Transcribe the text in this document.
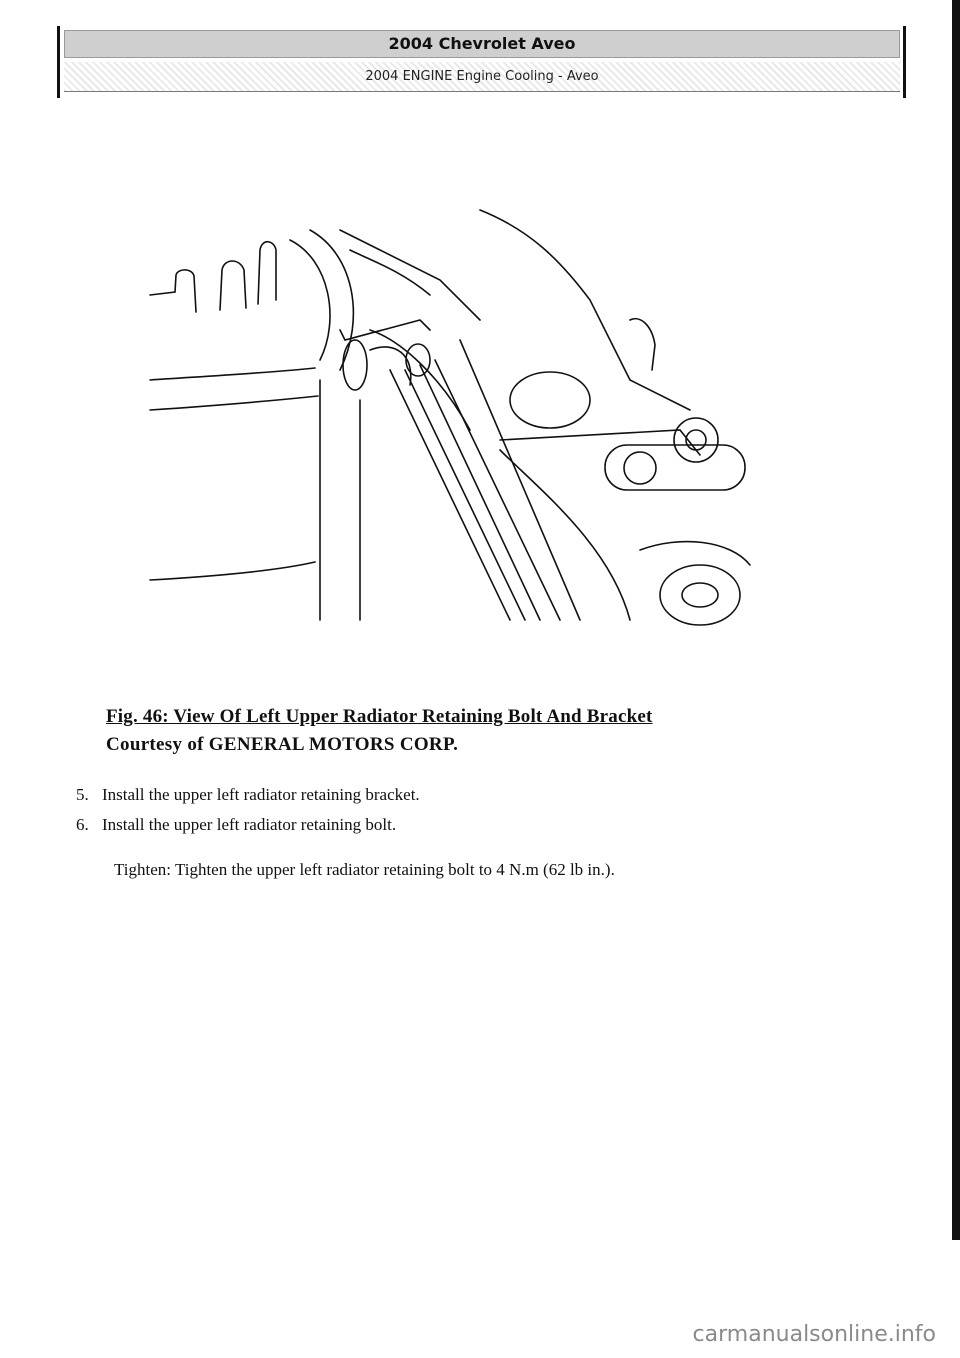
2004 Chevrolet Aveo
2004 ENGINE Engine Cooling - Aveo
Fig. 46: View Of Left Upper Radiator Retaining Bolt And Bracket
Courtesy of GENERAL MOTORS CORP.
5. Install the upper left radiator retaining bracket.
6. Install the upper left radiator retaining bolt.
Tighten: Tighten the upper left radiator retaining bolt to 4 N.m (62 lb in.).
carmanualsonline.info
